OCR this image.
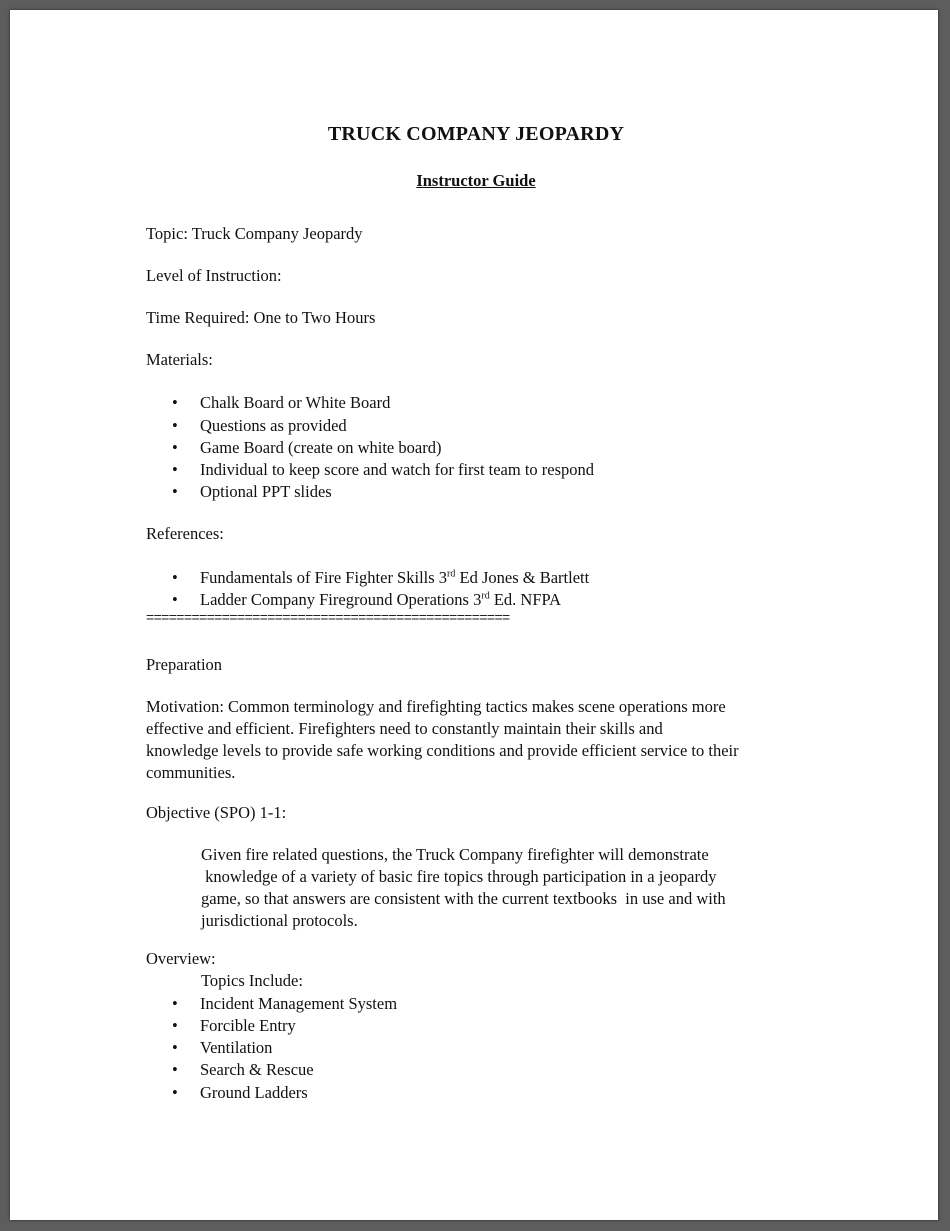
TRUCK COMPANY JEOPARDY
Instructor Guide
Topic: Truck Company Jeopardy
Level of Instruction:
Time Required: One to Two Hours
Materials:
• Chalk Board or White Board
• Questions as provided
• Game Board (create on white board)
• Individual to keep score and watch for first team to respond
• Optional PPT slides
References:
• Fundamentals of Fire Fighter Skills 3rd Ed Jones & Bartlett
• Ladder Company Fireground Operations 3rd Ed. NFPA
================================================
Preparation
Motivation: Common terminology and firefighting tactics makes scene operations more
effective and efficient. Firefighters need to constantly maintain their skills and
knowledge levels to provide safe working conditions and provide efficient service to their
communities.
Objective (SPO) 1-1:
Given fire related questions, the Truck Company firefighter will demonstrate
knowledge of a variety of basic fire topics through participation in a jeopardy
game, so that answers are consistent with the current textbooks  in use and with
jurisdictional protocols.
Overview:
Topics Include:
• Incident Management System
• Forcible Entry
• Ventilation
• Search & Rescue
• Ground Ladders
